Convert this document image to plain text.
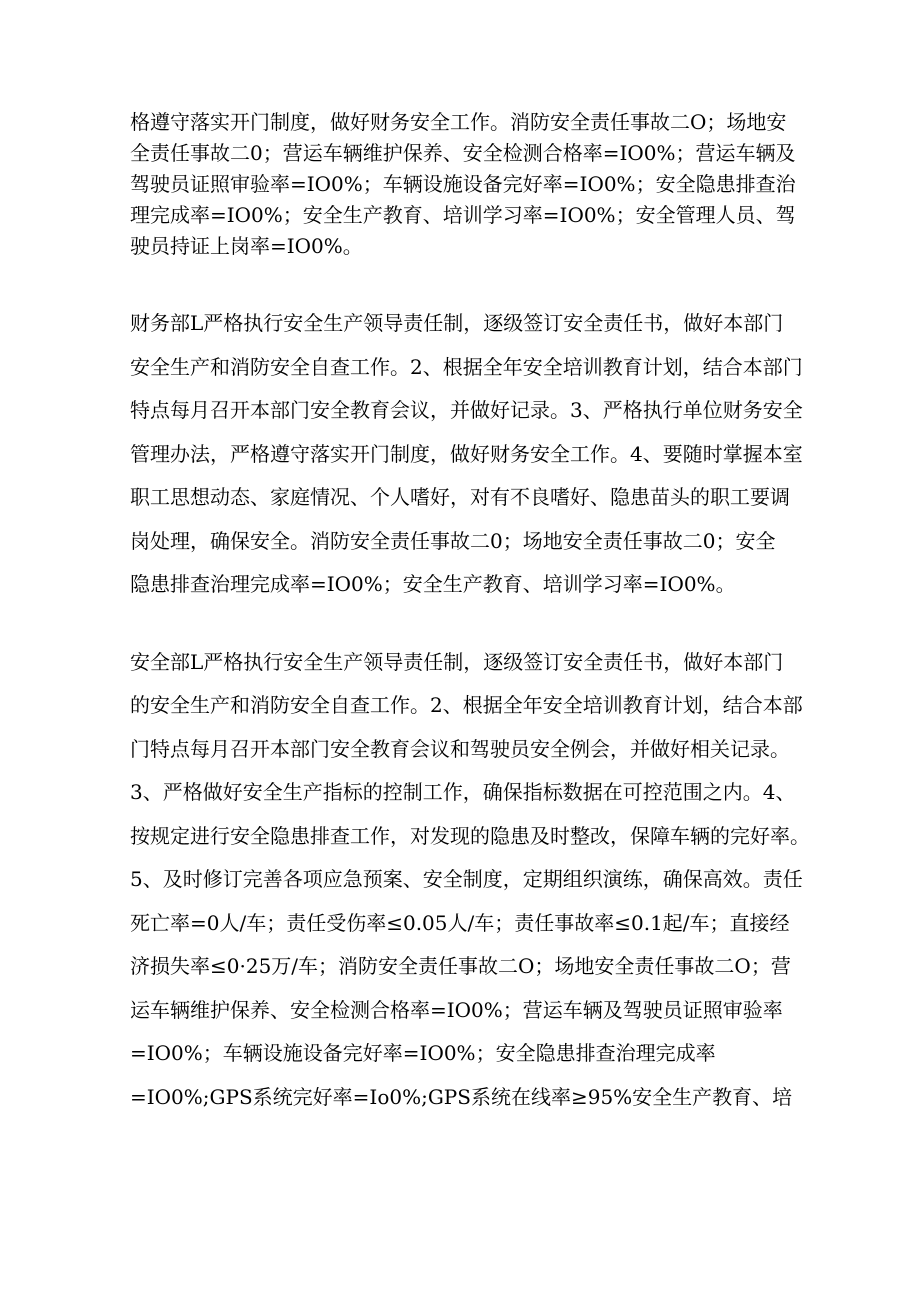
格遵守落实开门制度，做好财务安全工作。消防安全责任事故二O；场地安
全责任事故二0；营运车辆维护保养、安全检测合格率=IO0%；营运车辆及
驾驶员证照审验率=IO0%；车辆设施设备完好率=IO0%；安全隐患排查治
理完成率=IO0%；安全生产教育、培训学习率=IO0%；安全管理人员、驾
驶员持证上岗率=IO0%。
财务部L严格执行安全生产领导责任制，逐级签订安全责任书，做好本部门
安全生产和消防安全自查工作。2、根据全年安全培训教育计划，结合本部门
特点每月召开本部门安全教育会议，并做好记录。3、严格执行单位财务安全
管理办法，严格遵守落实开门制度，做好财务安全工作。4、要随时掌握本室
职工思想动态、家庭情况、个人嗜好，对有不良嗜好、隐患苗头的职工要调
岗处理，确保安全。消防安全责任事故二0；场地安全责任事故二0；安全
隐患排查治理完成率=IO0%；安全生产教育、培训学习率=IO0%。
安全部L严格执行安全生产领导责任制，逐级签订安全责任书，做好本部门
的安全生产和消防安全自查工作。2、根据全年安全培训教育计划，结合本部
门特点每月召开本部门安全教育会议和驾驶员安全例会，并做好相关记录。
3、严格做好安全生产指标的控制工作，确保指标数据在可控范围之内。4、
按规定进行安全隐患排查工作，对发现的隐患及时整改，保障车辆的完好率。
5、及时修订完善各项应急预案、安全制度，定期组织演练，确保高效。责任
死亡率=0人/车；责任受伤率≤0.05人/车；责任事故率≤0.1起/车；直接经
济损失率≤0·25万/车；消防安全责任事故二O；场地安全责任事故二O；营
运车辆维护保养、安全检测合格率=IO0%；营运车辆及驾驶员证照审验率
=IO0%；车辆设施设备完好率=IO0%；安全隐患排查治理完成率
=IO0%;GPS系统完好率=Io0%;GPS系统在线率≥95%安全生产教育、培
